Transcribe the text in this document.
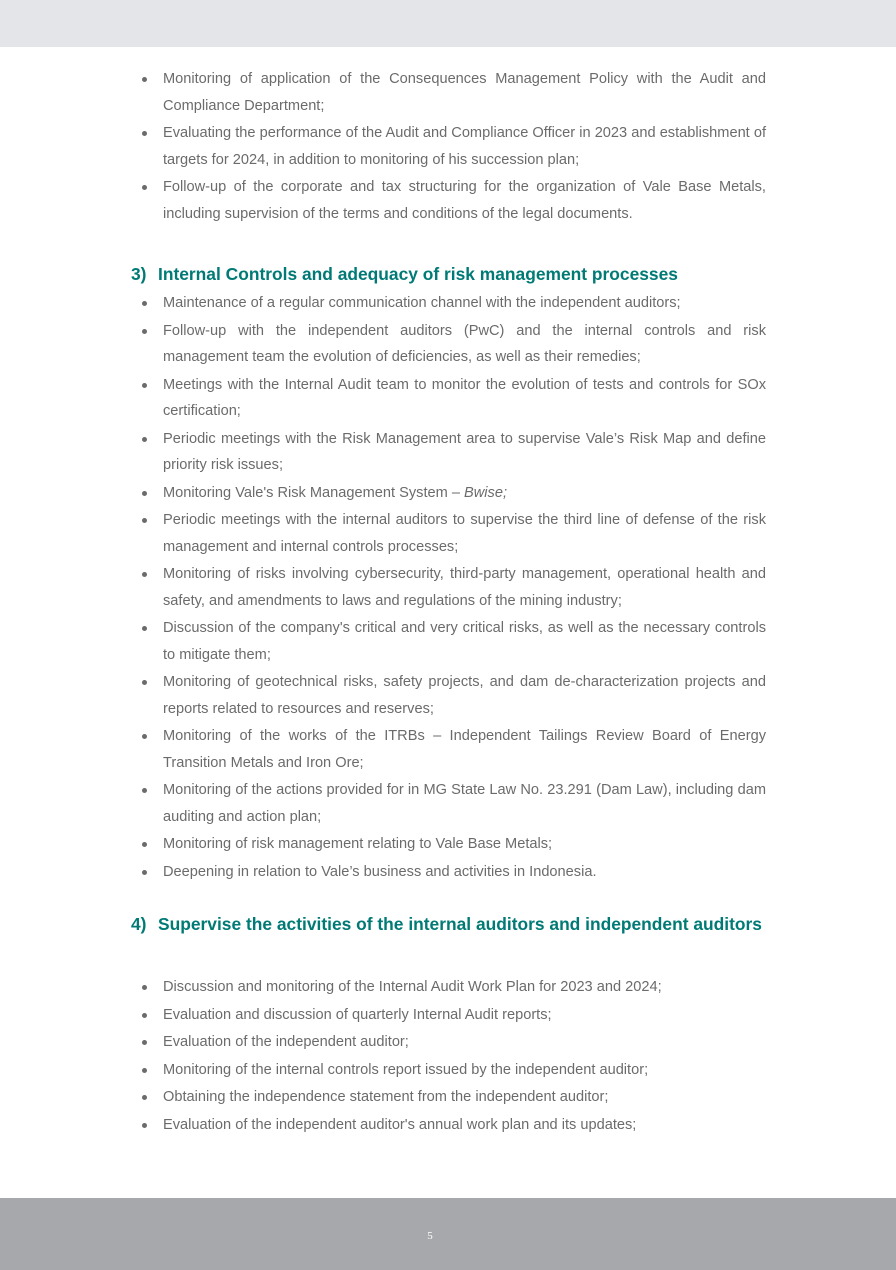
Monitoring of application of the Consequences Management Policy with the Audit and Compliance Department;
Evaluating the performance of the Audit and Compliance Officer in 2023 and establishment of targets for 2024, in addition to monitoring of his succession plan;
Follow-up of the corporate and tax structuring for the organization of Vale Base Metals, including supervision of the terms and conditions of the legal documents.
3) Internal Controls and adequacy of risk management processes
Maintenance of a regular communication channel with the independent auditors;
Follow-up with the independent auditors (PwC) and the internal controls and risk management team the evolution of deficiencies, as well as their remedies;
Meetings with the Internal Audit team to monitor the evolution of tests and controls for SOx certification;
Periodic meetings with the Risk Management area to supervise Vale’s Risk Map and define priority risk issues;
Monitoring Vale's Risk Management System – Bwise;
Periodic meetings with the internal auditors to supervise the third line of defense of the risk management and internal controls processes;
Monitoring of risks involving cybersecurity, third-party management, operational health and safety, and amendments to laws and regulations of the mining industry;
Discussion of the company's critical and very critical risks, as well as the necessary controls to mitigate them;
Monitoring of geotechnical risks, safety projects, and dam de-characterization projects and reports related to resources and reserves;
Monitoring of the works of the ITRBs – Independent Tailings Review Board of Energy Transition Metals and Iron Ore;
Monitoring of the actions provided for in MG State Law No. 23.291 (Dam Law), including dam auditing and action plan;
Monitoring of risk management relating to Vale Base Metals;
Deepening in relation to Vale’s business and activities in Indonesia.
4) Supervise the activities of the internal auditors and independent auditors
Discussion and monitoring of the Internal Audit Work Plan for 2023 and 2024;
Evaluation and discussion of quarterly Internal Audit reports;
Evaluation of the independent auditor;
Monitoring of the internal controls report issued by the independent auditor;
Obtaining the independence statement from the independent auditor;
Evaluation of the independent auditor's annual work plan and its updates;
5
